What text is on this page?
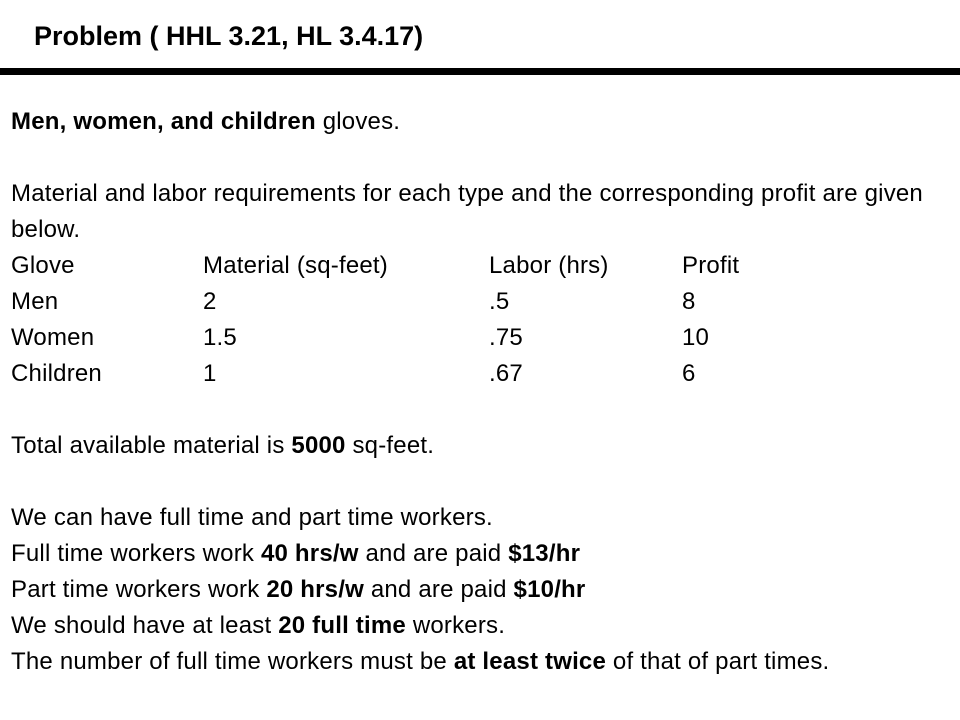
Problem ( HHL 3.21, HL 3.4.17)
Men, women, and children gloves.
Material and labor requirements for each type and the corresponding profit are given below.
Glove	Material (sq-feet)	Labor (hrs)	Profit
Men	2	.5	8
Women	1.5	.75	10
Children	1	.67	6
Total available material is 5000 sq-feet.
We can have full time and part time workers.
Full time workers work 40 hrs/w and are paid $13/hr
Part time workers work 20 hrs/w and are paid $10/hr
We should have at least 20 full time workers.
The number of full time workers must be at least twice of that of part times.
